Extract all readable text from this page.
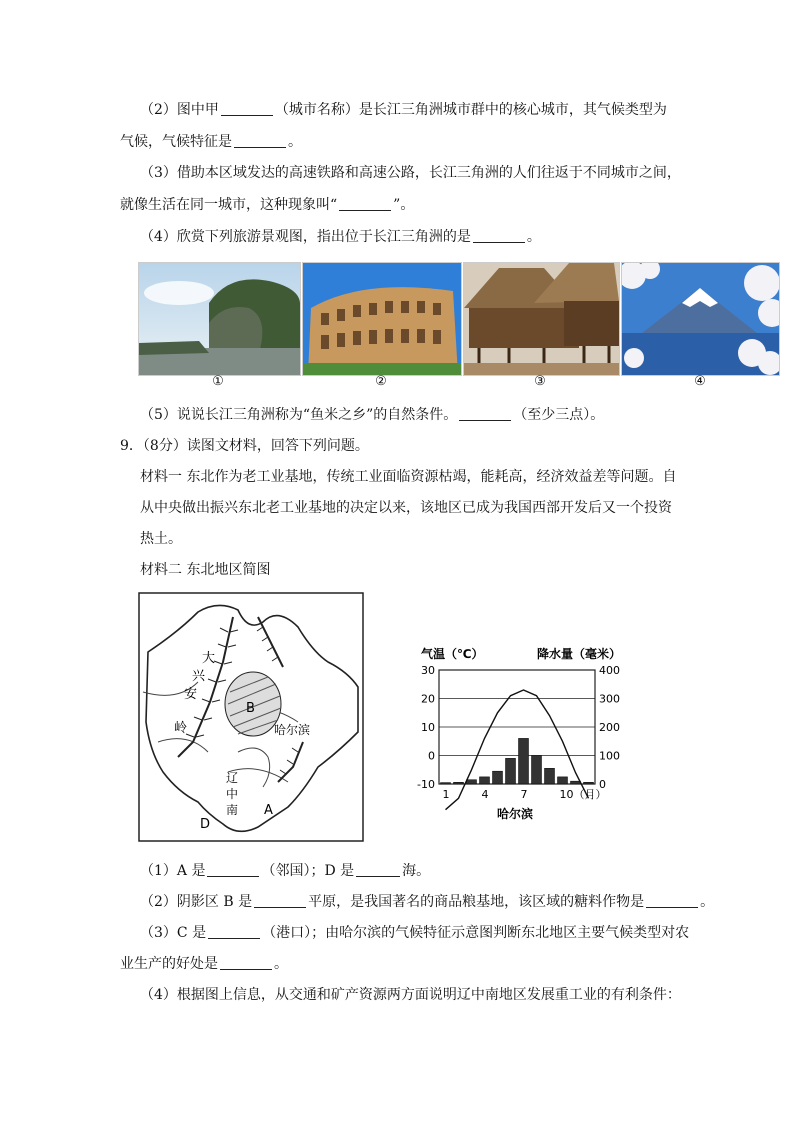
（2）图中甲	（城市名称）是长江三角洲城市群中的核心城市，其气候类型为
气候，气候特征是	。
（3）借助本区域发达的高速铁路和高速公路，长江三角洲的人们往返于不同城市之间，
就像生活在同一城市，这种现象叫“	”。
（4）欣赏下列旅游景观图，指出位于长江三角洲的是	。
①	②	③	④
（5）说说长江三角洲称为“鱼米之乡”的自然条件。	（至少三点）。
9．（8分）读图文材料，回答下列问题。
材料一 东北作为老工业基地，传统工业面临资源枯竭，能耗高，经济效益差等问题。自
从中央做出振兴东北老工业基地的决定以来，该地区已成为我国西部开发后又一个投资
热土。
材料二 东北地区简图
大
兴
安
岭
B
哈尔滨
辽
中
南 A
D
气温（℃）	降水量（毫米）
30	400
20	300
10	200
0	100
-10	0
1	4	7	10（月）
哈尔滨
（1）A 是	（邻国）；D 是	海。
（2）阴影区 B 是	平原，是我国著名的商品粮基地，该区域的糖料作物是	。
（3）C 是	（港口）；由哈尔滨的气候特征示意图判断东北地区主要气候类型对农
业生产的好处是	。
（4）根据图上信息，从交通和矿产资源两方面说明辽中南地区发展重工业的有利条件：
